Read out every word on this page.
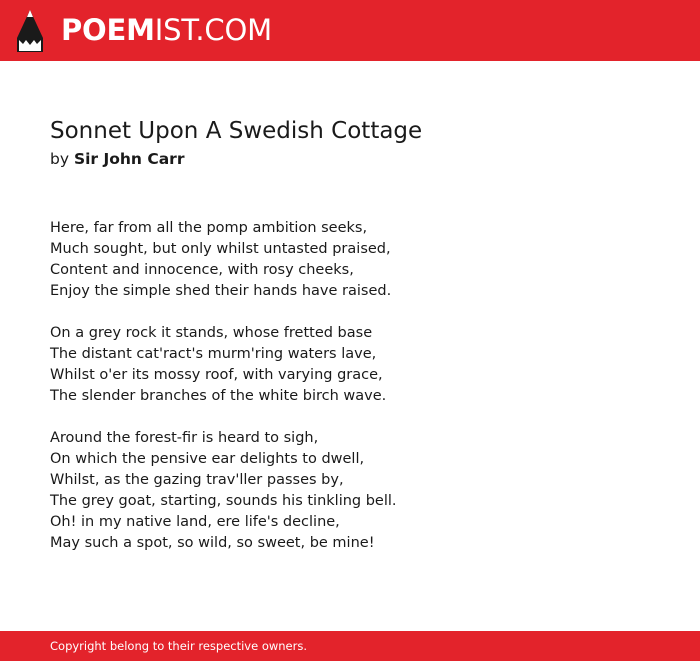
POEMIST.COM
Sonnet Upon A Swedish Cottage
by Sir John Carr
Here, far from all the pomp ambition seeks,
Much sought, but only whilst untasted praised,
Content and innocence, with rosy cheeks,
Enjoy the simple shed their hands have raised.
On a grey rock it stands, whose fretted base
The distant cat'ract's murm'ring waters lave,
Whilst o'er its mossy roof, with varying grace,
The slender branches of the white birch wave.
Around the forest-fir is heard to sigh,
On which the pensive ear delights to dwell,
Whilst, as the gazing trav'ller passes by,
The grey goat, starting, sounds his tinkling bell.
Oh! in my native land, ere life's decline,
May such a spot, so wild, so sweet, be mine!
Copyright belong to their respective owners.
